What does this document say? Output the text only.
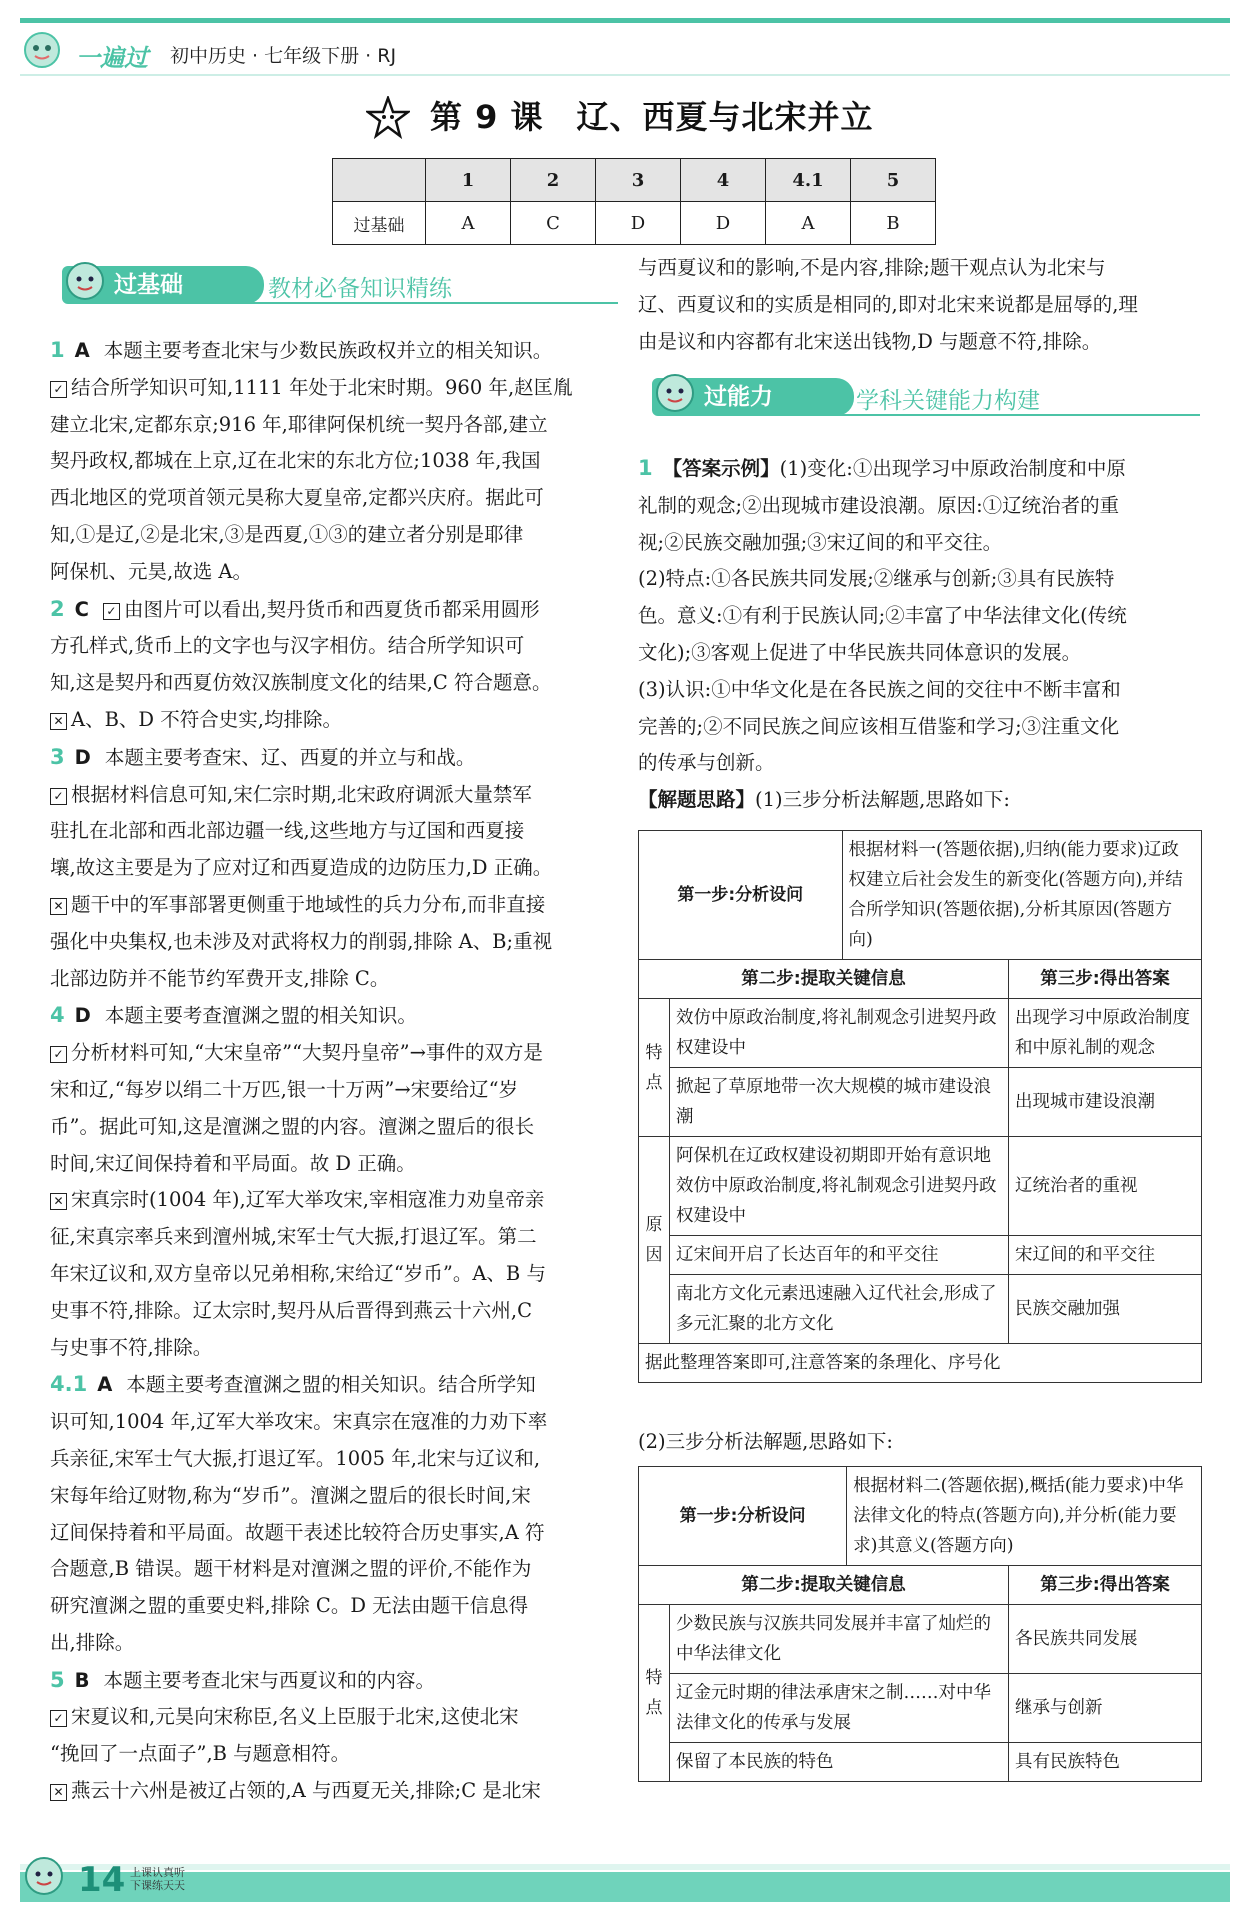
一遍过 初中历史 · 七年级下册 · RJ
第 9 课　辽、西夏与北宋并立
	1	2	3	4	4.1	5
过基础	A	C	D	D	A	B
过基础	教材必备知识精练

1 A 本题主要考查北宋与少数民族政权并立的相关知识。

✓ 结合所学知识可知,1111 年处于北宋时期。960 年,赵匡胤

建立北宋,定都东京;916 年,耶律阿保机统一契丹各部,建立

契丹政权,都城在上京,辽在北宋的东北方位;1038 年,我国

西北地区的党项首领元昊称大夏皇帝,定都兴庆府。据此可

知,①是辽,②是北宋,③是西夏,①③的建立者分别是耶律

阿保机、元昊,故选 A。

2 C ✓ 由图片可以看出,契丹货币和西夏货币都采用圆形

方孔样式,货币上的文字也与汉字相仿。结合所学知识可

知,这是契丹和西夏仿效汉族制度文化的结果,C 符合题意。

✕ A、B、D 不符合史实,均排除。

3 D 本题主要考查宋、辽、西夏的并立与和战。

✓ 根据材料信息可知,宋仁宗时期,北宋政府调派大量禁军

驻扎在北部和西北部边疆一线,这些地方与辽国和西夏接

壤,故这主要是为了应对辽和西夏造成的边防压力,D 正确。

✕ 题干中的军事部署更侧重于地域性的兵力分布,而非直接

强化中央集权,也未涉及对武将权力的削弱,排除 A、B;重视

北部边防并不能节约军费开支,排除 C。

4 D 本题主要考查澶渊之盟的相关知识。

✓ 分析材料可知,“大宋皇帝”“大契丹皇帝”→事件的双方是

宋和辽,“每岁以绢二十万匹,银一十万两”→宋要给辽“岁

币”。据此可知,这是澶渊之盟的内容。澶渊之盟后的很长

时间,宋辽间保持着和平局面。故 D 正确。

✕ 宋真宗时(1004 年),辽军大举攻宋,宰相寇准力劝皇帝亲

征,宋真宗率兵来到澶州城,宋军士气大振,打退辽军。第二

年宋辽议和,双方皇帝以兄弟相称,宋给辽“岁币”。A、B 与

史事不符,排除。辽太宗时,契丹从后晋得到燕云十六州,C

与史事不符,排除。

4.1 A 本题主要考查澶渊之盟的相关知识。结合所学知

识可知,1004 年,辽军大举攻宋。宋真宗在寇准的力劝下率

兵亲征,宋军士气大振,打退辽军。1005 年,北宋与辽议和,

宋每年给辽财物,称为“岁币”。澶渊之盟后的很长时间,宋

辽间保持着和平局面。故题干表述比较符合历史事实,A 符

合题意,B 错误。题干材料是对澶渊之盟的评价,不能作为

研究澶渊之盟的重要史料,排除 C。D 无法由题干信息得

出,排除。

5 B 本题主要考查北宋与西夏议和的内容。

✓ 宋夏议和,元昊向宋称臣,名义上臣服于北宋,这使北宋

“挽回了一点面子”,B 与题意相符。

✕ 燕云十六州是被辽占领的,A 与西夏无关,排除;C 是北宋

与西夏议和的影响,不是内容,排除;题干观点认为北宋与

辽、西夏议和的实质是相同的,即对北宋来说都是屈辱的,理

由是议和内容都有北宋送出钱物,D 与题意不符,排除。

过能力	学科关键能力构建

1 【答案示例】(1)变化:①出现学习中原政治制度和中原

礼制的观念;②出现城市建设浪潮。原因:①辽统治者的重

视;②民族交融加强;③宋辽间的和平交往。

(2)特点:①各民族共同发展;②继承与创新;③具有民族特

色。意义:①有利于民族认同;②丰富了中华法律文化(传统

文化);③客观上促进了中华民族共同体意识的发展。

(3)认识:①中华文化是在各民族之间的交往中不断丰富和

完善的;②不同民族之间应该相互借鉴和学习;③注重文化

的传承与创新。

【解题思路】(1)三步分析法解题,思路如下:

第一步:分析设问		根据材料一(答题依据),归纳(能力要求)辽政权建立后社会发生的新变化(答题方向),并结合所学知识(答题依据),分析其原因(答题方向)	
第二步:提取关键信息			第三步:得出答案
特点	效仿中原政治制度,将礼制观念引进契丹政权建设中		出现学习中原政治制度和中原礼制的观念
	掀起了草原地带一次大规模的城市建设浪潮		出现城市建设浪潮
原因	阿保机在辽政权建设初期即开始有意识地效仿中原政治制度,将礼制观念引进契丹政权建设中		辽统治者的重视
	辽宋间开启了长达百年的和平交往		宋辽间的和平交往
	南北方文化元素迅速融入辽代社会,形成了多元汇聚的北方文化		民族交融加强
据此整理答案即可,注意答案的条理化、序号化			

(2)三步分析法解题,思路如下:

第一步:分析设问		根据材料二(答题依据),概括(能力要求)中华法律文化的特点(答题方向),并分析(能力要求)其意义(答题方向)	
第二步:提取关键信息			第三步:得出答案
特点	少数民族与汉族共同发展并丰富了灿烂的中华法律文化		各民族共同发展
	辽金元时期的律法承唐宋之制……对中华法律文化的传承与发展		继承与创新
	保留了本民族的特色		具有民族特色
14 上课认真听
下课练天天
